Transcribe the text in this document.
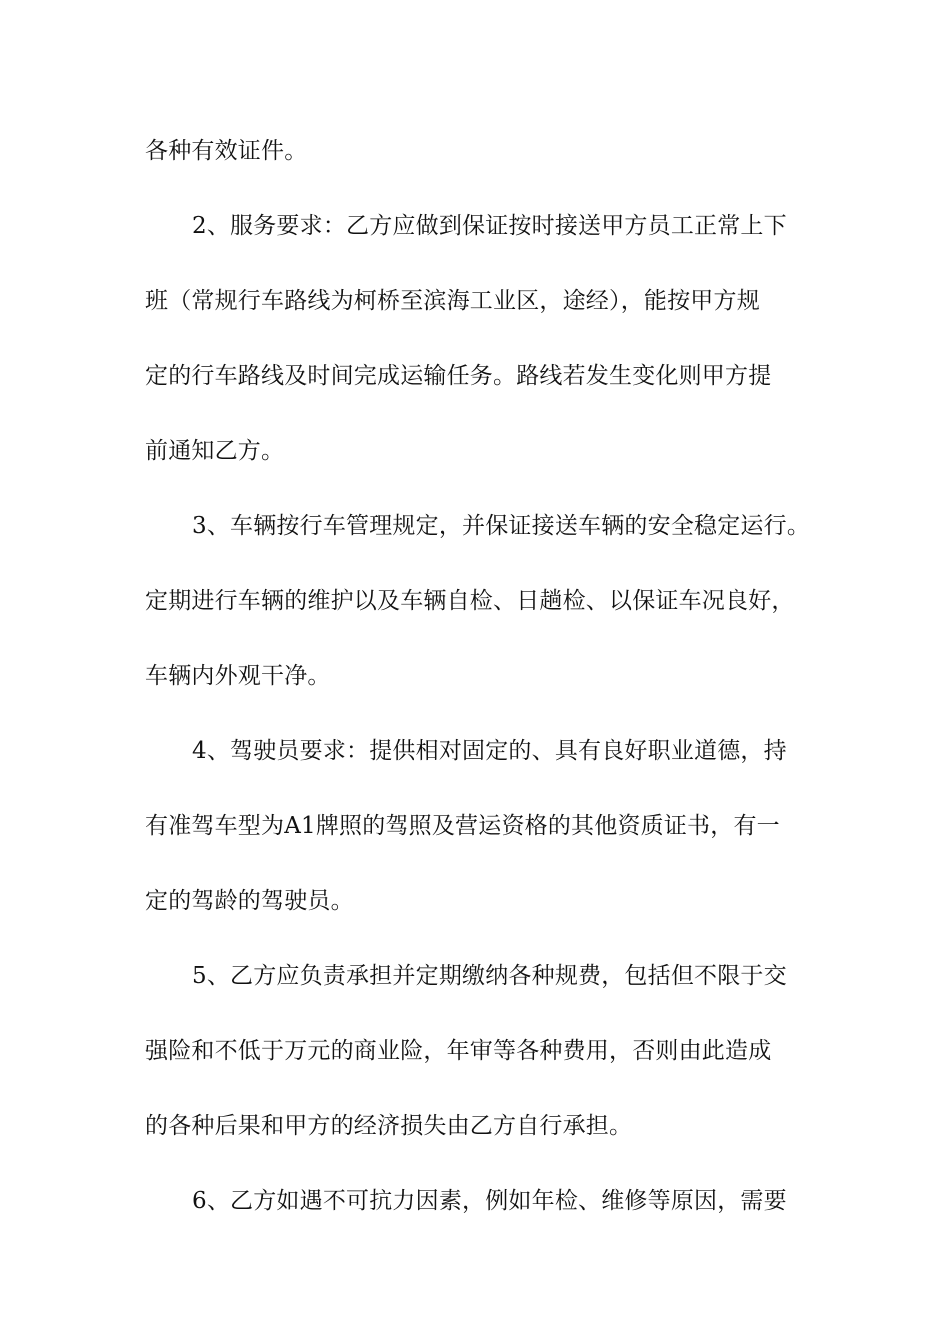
各种有效证件。
2、服务要求：乙方应做到保证按时接送甲方员工正常上下
班（常规行车路线为柯桥至滨海工业区，途经），能按甲方规
定的行车路线及时间完成运输任务。路线若发生变化则甲方提
前通知乙方。
3、车辆按行车管理规定，并保证接送车辆的安全稳定运行。
定期进行车辆的维护以及车辆自检、日趟检、以保证车况良好，
车辆内外观干净。
4、驾驶员要求：提供相对固定的、具有良好职业道德，持
有准驾车型为A1牌照的驾照及营运资格的其他资质证书，有一
定的驾龄的驾驶员。
5、乙方应负责承担并定期缴纳各种规费，包括但不限于交
强险和不低于万元的商业险，年审等各种费用，否则由此造成
的各种后果和甲方的经济损失由乙方自行承担。
6、乙方如遇不可抗力因素，例如年检、维修等原因，需要
